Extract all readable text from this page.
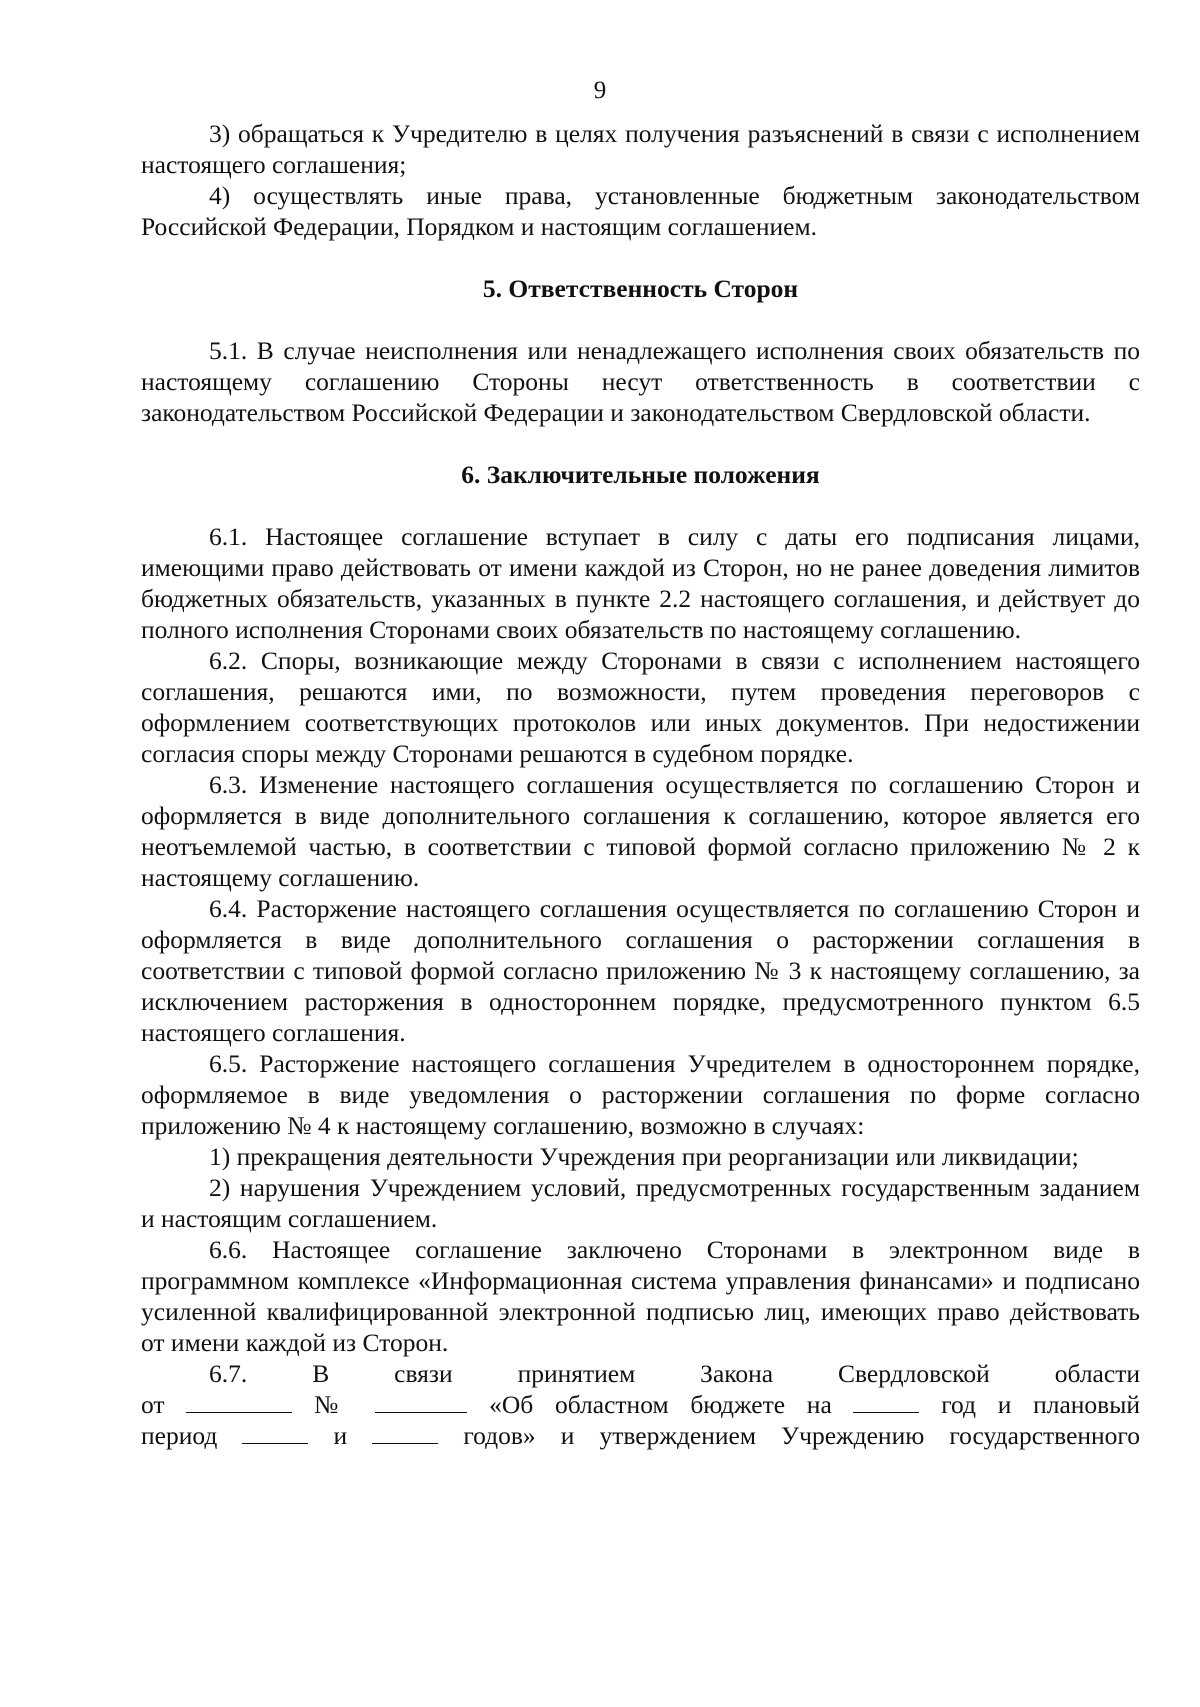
9

3) обращаться к Учредителю в целях получения разъяснений в связи с исполнением настоящего соглашения;

4) осуществлять иные права, установленные бюджетным законодательством Российской Федерации, Порядком и настоящим соглашением.

5. Ответственность Сторон

5.1. В случае неисполнения или ненадлежащего исполнения своих обязательств по настоящему соглашению Стороны несут ответственность в соответствии с законодательством Российской Федерации и законодательством Свердловской области.

6. Заключительные положения

6.1. Настоящее соглашение вступает в силу с даты его подписания лицами, имеющими право действовать от имени каждой из Сторон, но не ранее доведения лимитов бюджетных обязательств, указанных в пункте 2.2 настоящего соглашения, и действует до полного исполнения Сторонами своих обязательств по настоящему соглашению.

6.2. Споры, возникающие между Сторонами в связи с исполнением настоящего соглашения, решаются ими, по возможности, путем проведения переговоров с оформлением соответствующих протоколов или иных документов. При недостижении согласия споры между Сторонами решаются в судебном порядке.

6.3. Изменение настоящего соглашения осуществляется по соглашению Сторон и оформляется в виде дополнительного соглашения к соглашению, которое является его неотъемлемой частью, в соответствии с типовой формой согласно приложению № 2 к настоящему соглашению.

6.4. Расторжение настоящего соглашения осуществляется по соглашению Сторон и оформляется в виде дополнительного соглашения о расторжении соглашения в соответствии с типовой формой согласно приложению № 3 к настоящему соглашению, за исключением расторжения в одностороннем порядке, предусмотренного пунктом 6.5 настоящего соглашения.

6.5. Расторжение настоящего соглашения Учредителем в одностороннем порядке, оформляемое в виде уведомления о расторжении соглашения по форме согласно приложению № 4 к настоящему соглашению, возможно в случаях:

1) прекращения деятельности Учреждения при реорганизации или ликвидации;

2) нарушения Учреждением условий, предусмотренных государственным заданием и настоящим соглашением.

6.6. Настоящее соглашение заключено Сторонами в электронном виде в программном комплексе «Информационная система управления финансами» и подписано усиленной квалифицированной электронной подписью лиц, имеющих право действовать от имени каждой из Сторон.

6.7. В связи принятием Закона Свердловской области
от	№	«Об областном бюджете на	год и плановый
период	и	годов» и утверждением Учреждению государственного
